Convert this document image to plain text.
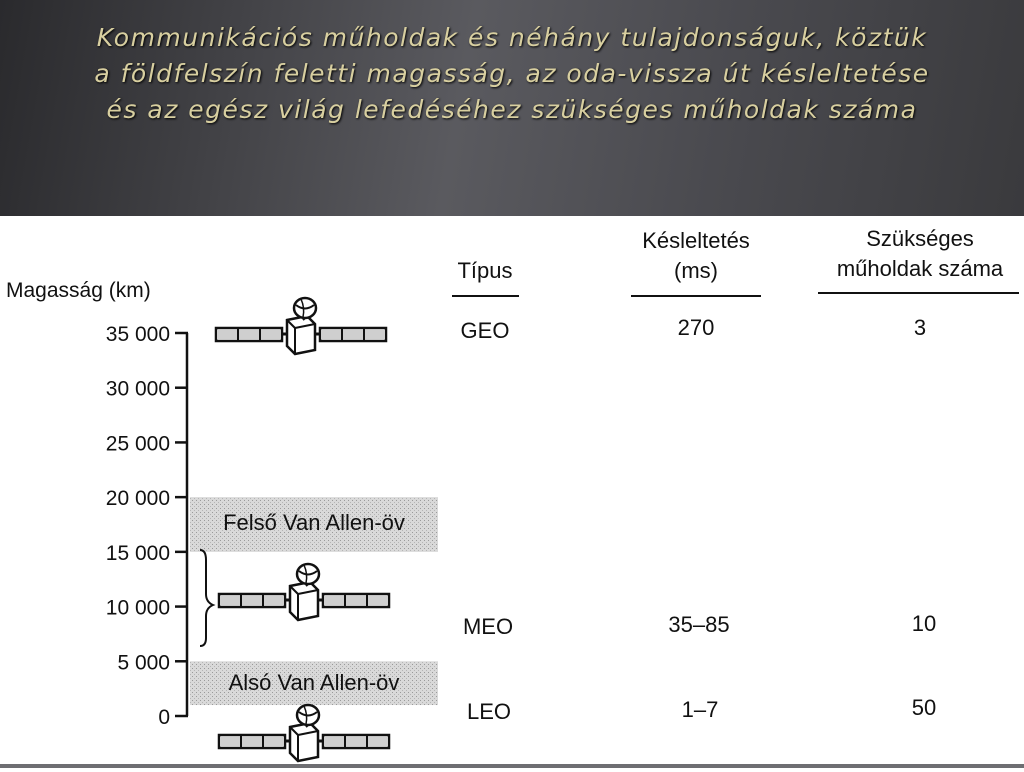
Kommunikációs műholdak és néhány tulajdonságuk, köztük
a földfelszín feletti magasság, az oda-vissza út késleltetése
és az egész világ lefedéséhez szükséges műholdak száma
Felső Van Allen-öv
Alsó Van Allen-öv
Magasság (km)
35 000
30 000
25 000
20 000
15 000
10 000
5 000
0
Típus
Késleltetés
(ms)
Szükséges
műholdak száma
GEO	270	3
MEO	35–85	10
LEO	1–7	50
